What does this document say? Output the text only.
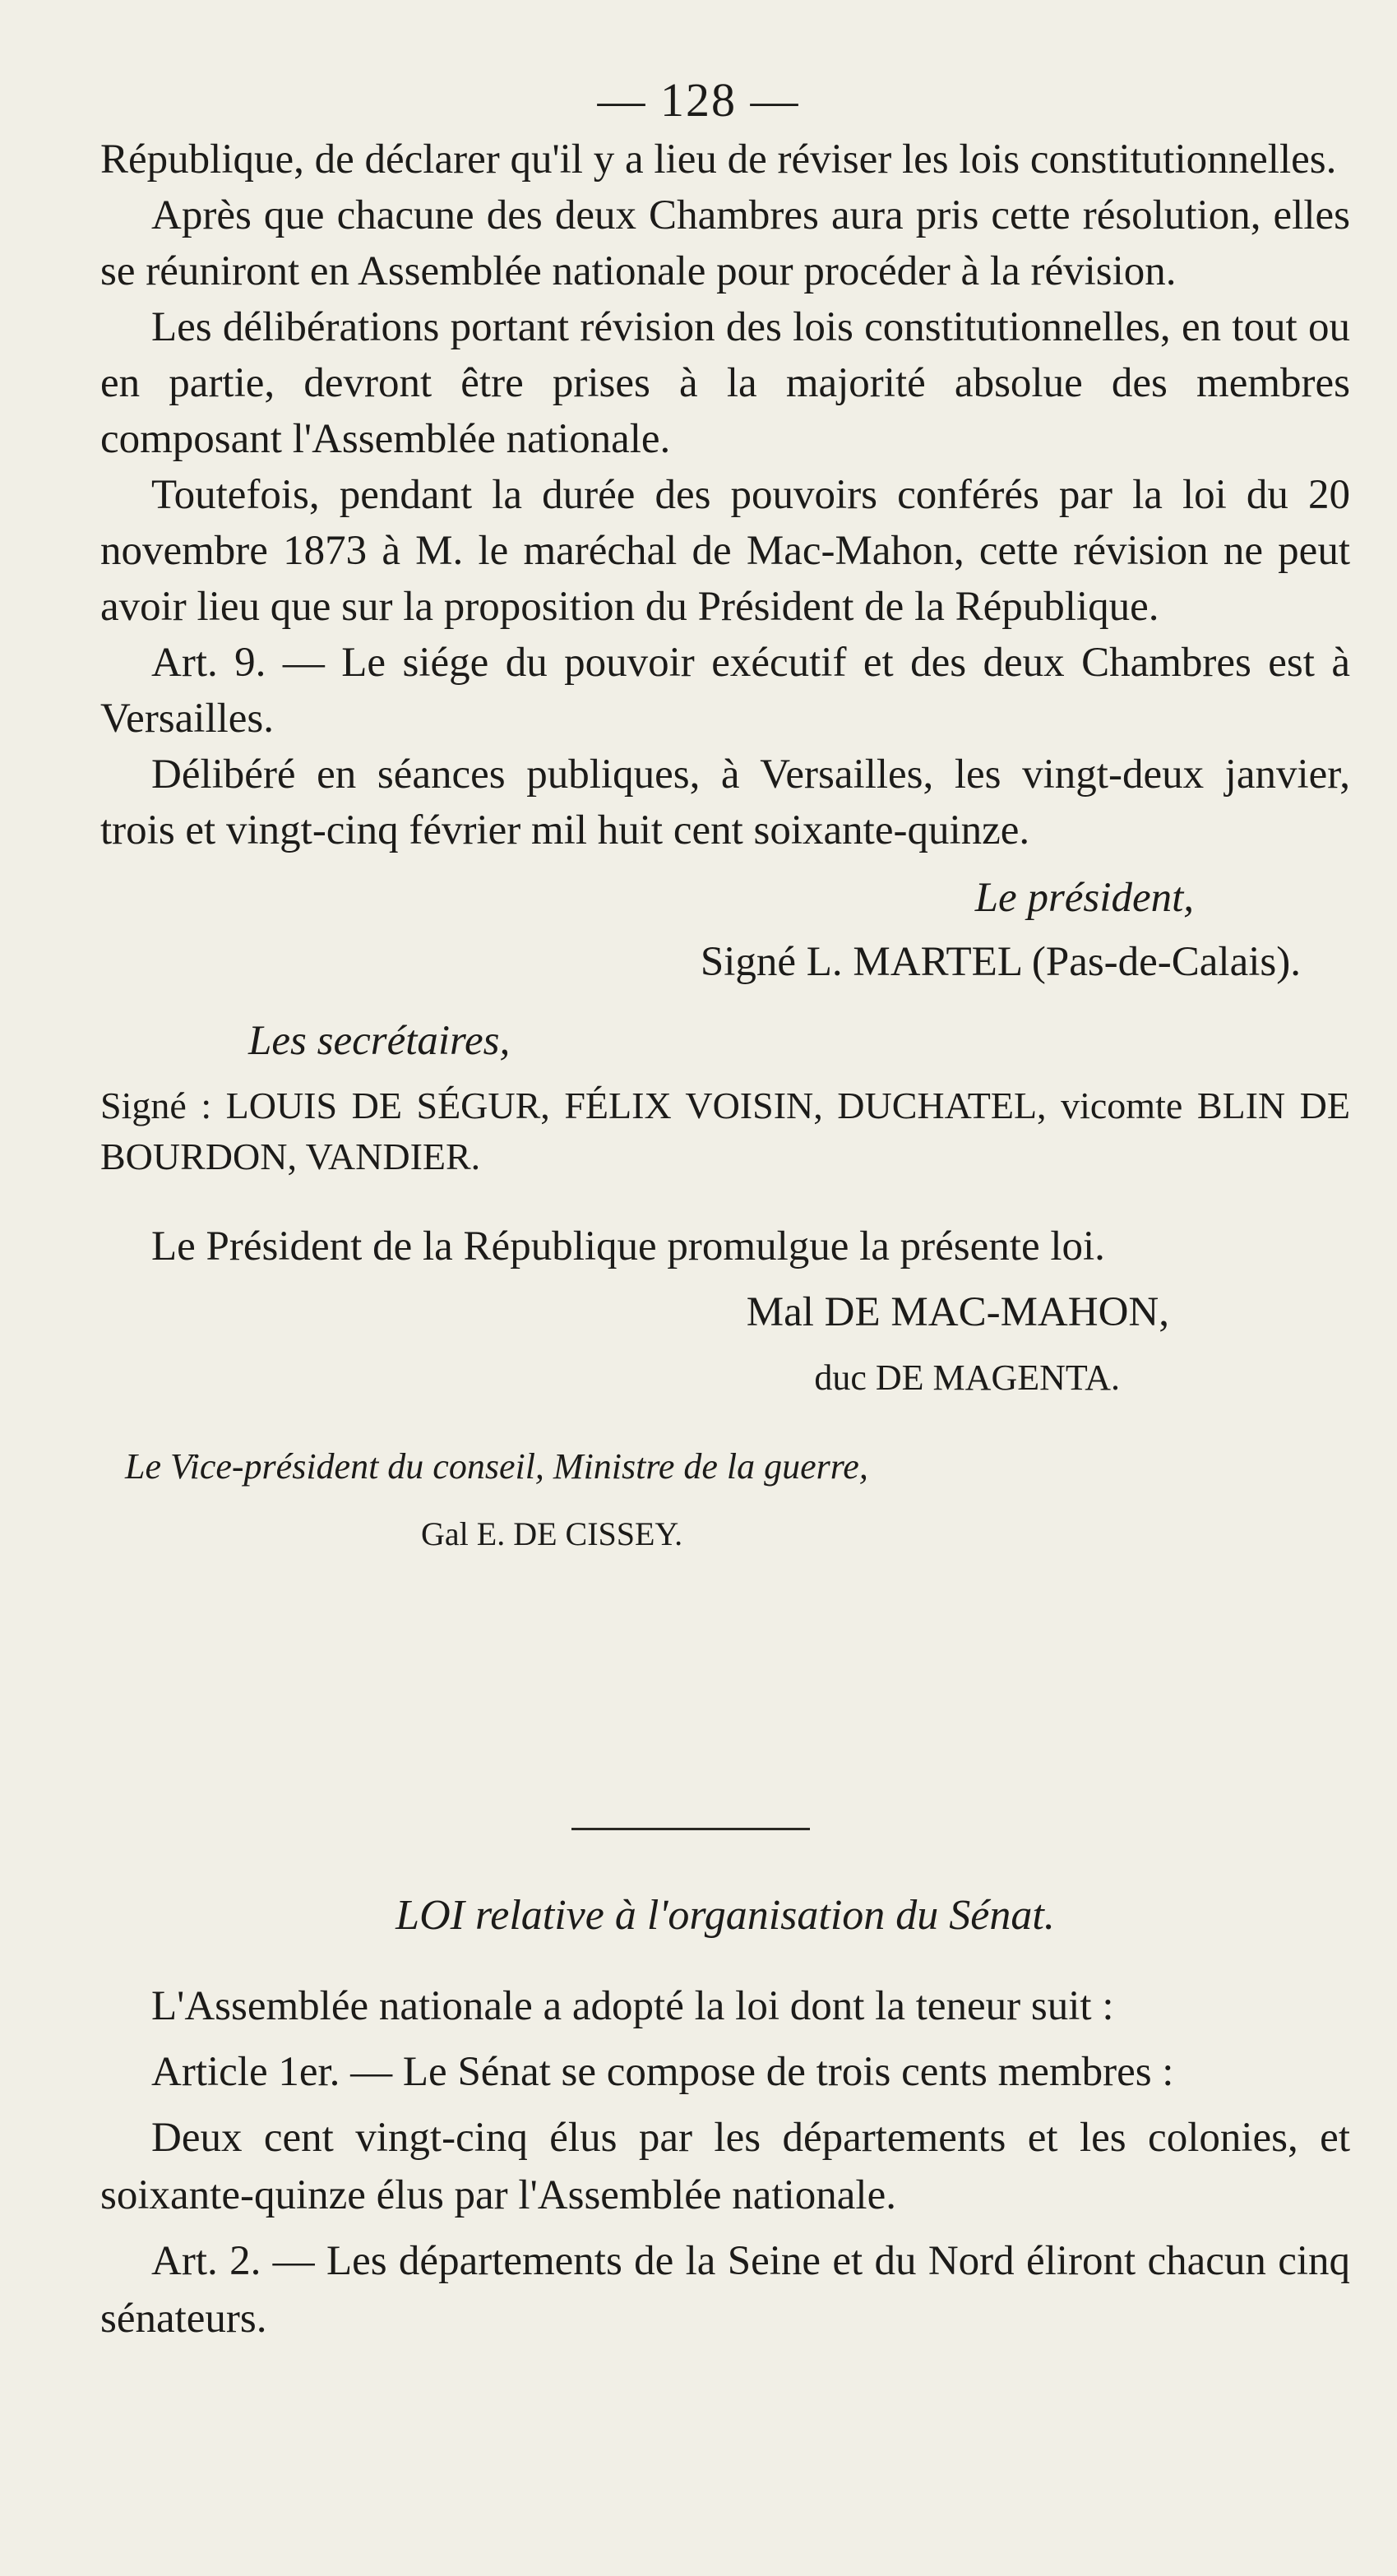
— 128 —

République, de déclarer qu'il y a lieu de réviser les lois constitutionnelles.

Après que chacune des deux Chambres aura pris cette résolution, elles se réuniront en Assemblée nationale pour procéder à la révision.

Les délibérations portant révision des lois constitutionnelles, en tout ou en partie, devront être prises à la majorité absolue des membres composant l'Assemblée nationale.

Toutefois, pendant la durée des pouvoirs conférés par la loi du 20 novembre 1873 à M. le maréchal de Mac-Mahon, cette révision ne peut avoir lieu que sur la proposition du Président de la République.

Art. 9. — Le siége du pouvoir exécutif et des deux Chambres est à Versailles.

Délibéré en séances publiques, à Versailles, les vingt-deux janvier, trois et vingt-cinq février mil huit cent soixante-quinze.

Le président,

Signé L. MARTEL (Pas-de-Calais).

Les secrétaires,

Signé : LOUIS DE SÉGUR, FÉLIX VOISIN, DUCHATEL, vicomte BLIN DE BOURDON, VANDIER.

Le Président de la République promulgue la présente loi.

Mal DE MAC-MAHON,

duc DE MAGENTA.

Le Vice-président du conseil, Ministre de la guerre,

Gal E. DE CISSEY.

LOI relative à l'organisation du Sénat.

L'Assemblée nationale a adopté la loi dont la teneur suit :

Article 1er. — Le Sénat se compose de trois cents membres :

Deux cent vingt-cinq élus par les départements et les colonies, et soixante-quinze élus par l'Assemblée nationale.

Art. 2. — Les départements de la Seine et du Nord éliront chacun cinq sénateurs.
